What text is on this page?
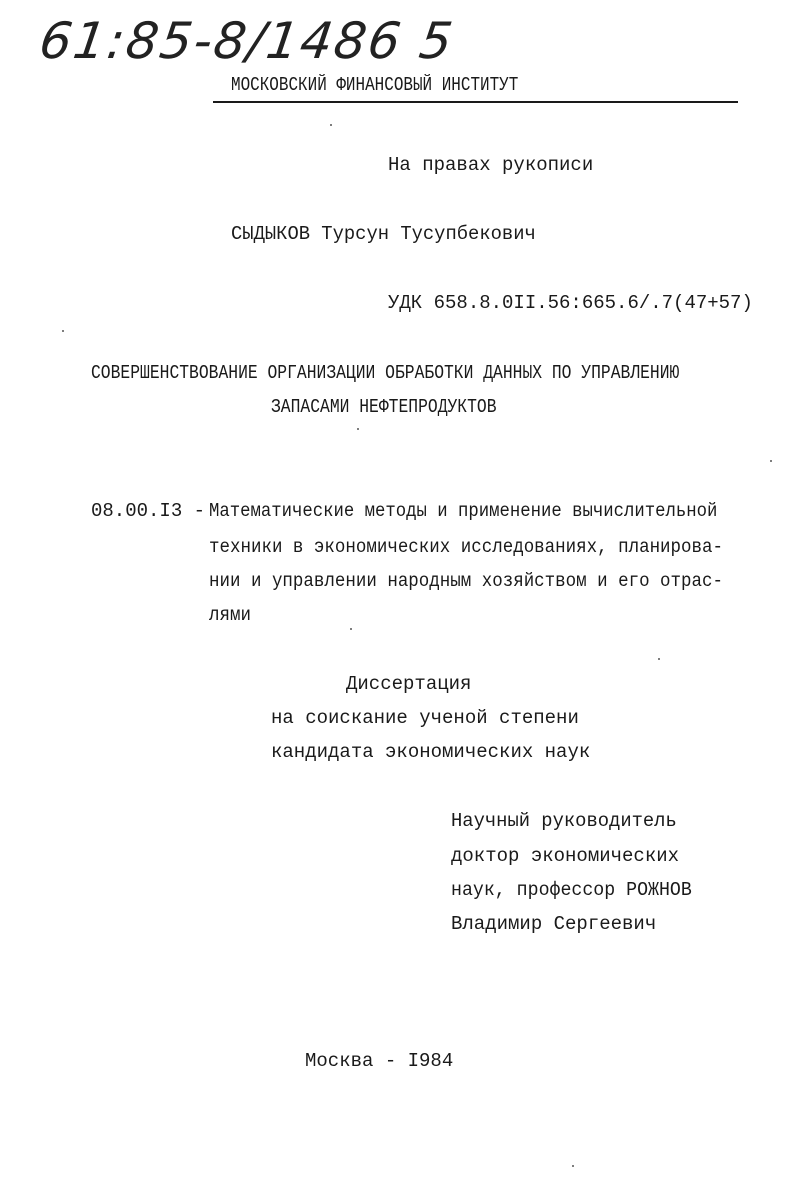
61:85-8/1486 5
МОСКОВСКИЙ ФИНАНСОВЫЙ ИНСТИТУТ
На правах рукописи
СЫДЫКОВ Турсун Тусупбекович
УДК 658.8.0II.56:665.6/.7(47+57)
СОВЕРШЕНСТВОВАНИЕ ОРГАНИЗАЦИИ ОБРАБОТКИ ДАННЫХ ПО УПРАВЛЕНИЮ
ЗАПАСАМИ НЕФТЕПРОДУКТОВ
08.00.I3 - Математические методы и применение вычислительной
техники в экономических исследованиях, планирова-
нии и управлении народным хозяйством и его отрас-
лями
Диссертация
на соискание ученой степени
кандидата экономических наук
Научный руководитель
доктор экономических
наук, профессор РОЖНОВ
Владимир Сергеевич
Москва - I984
